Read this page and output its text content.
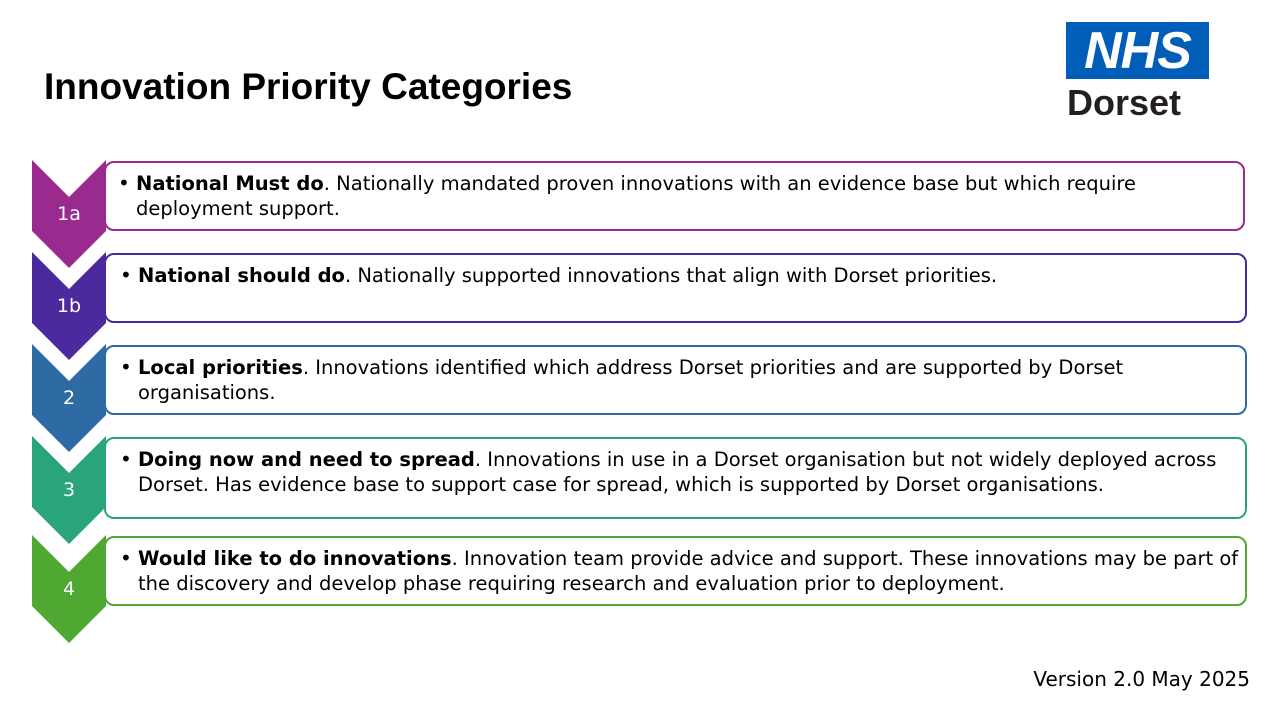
Innovation Priority Categories
NHS
Dorset
1a
1b
2
3
4
• National Must do. Nationally mandated proven innovations with an evidence base but which require deployment support.
• National should do. Nationally supported innovations that align with Dorset priorities.
• Local priorities. Innovations identified which address Dorset priorities and are supported by Dorset organisations.
• Doing now and need to spread. Innovations in use in a Dorset organisation but not widely deployed across Dorset. Has evidence base to support case for spread, which is supported by Dorset organisations.
• Would like to do innovations. Innovation team provide advice and support. These innovations may be part of the discovery and develop phase requiring research and evaluation prior to deployment.
Version 2.0 May 2025
